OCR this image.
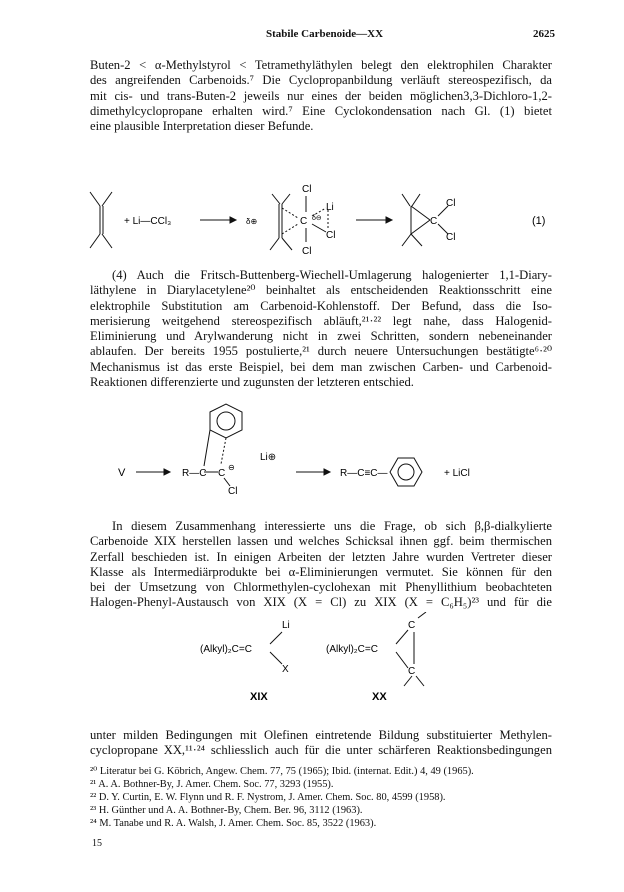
Stabile Carbenoide—XX	2625
Buten-2 < α-Methylstyrol < Tetramethyläthylen belegt den elektrophilen Charakter
des angreifenden Carbenoids.⁷ Die Cyclopropanbildung verläuft stereospezifisch, da
mit cis- und trans-Buten-2 jeweils nur eines der beiden möglichen3,3-Dichloro-1,2-
dimethylcyclopropane erhalten wird.⁷ Eine Cyclokondensation nach Gl. (1) bietet
eine plausible Interpretation dieser Befunde.
+ Li—CCl₃	δ⊕
Cl
C δ⊖
Li
Cl
Cl
C
Cl
Cl
(1)
(4) Auch die Fritsch-Buttenberg-Wiechell-Umlagerung halogenierter 1,1-Diary-
läthylene in Diarylacetylene²⁰ beinhaltet als entscheidenden Reaktionsschritt eine
elektrophile Substitution am Carbenoid-Kohlenstoff. Der Befund, dass die Iso-
merisierung weitgehend stereospezifisch abläuft,²¹·²² legt nahe, dass Halogenid-
Eliminierung und Arylwanderung nicht in zwei Schritten, sondern nebeneinander
ablaufen. Der bereits 1955 postulierte,²¹ durch neuere Untersuchungen bestätigte⁶·²⁰
Mechanismus ist das erste Beispiel, bei dem man zwischen Carben- und Carbenoid-
Reaktionen differenzierte und zugunsten der letzteren entschied.
V	R—C C
⊖
Li⊕
Cl
R—C≡C—	+ LiCl
In diesem Zusammenhang interessierte uns die Frage, ob sich β,β-dialkylierte
Carbenoide XIX herstellen lassen und welches Schicksal ihnen ggf. beim thermischen
Zerfall beschieden ist. In einigen Arbeiten der letzten Jahre wurden Vertreter dieser
Klasse als Intermediärprodukte bei α-Eliminierungen vermutet. Sie können für den
bei der Umsetzung von Chlormethylen-cyclohexan mit Phenyllithium beobachteten
Halogen-Phenyl-Austausch von XIX (X = Cl) zu XIX (X = C₆H₅)²³ und für die
(Alkyl)₂C=C
Li
X
XIX
(Alkyl)₂C=C
C
C
XX
unter milden Bedingungen mit Olefinen eintretende Bildung substituierter Methylen-
cyclopropane XX,¹¹·²⁴ schliesslich auch für die unter schärferen Reaktionsbedingungen
²⁰ Literatur bei G. Köbrich, Angew. Chem. 77, 75 (1965); Ibid. (internat. Edit.) 4, 49 (1965).
²¹ A. A. Bothner-By, J. Amer. Chem. Soc. 77, 3293 (1955).
²² D. Y. Curtin, E. W. Flynn und R. F. Nystrom, J. Amer. Chem. Soc. 80, 4599 (1958).
²³ H. Günther und A. A. Bothner-By, Chem. Ber. 96, 3112 (1963).
²⁴ M. Tanabe und R. A. Walsh, J. Amer. Chem. Soc. 85, 3522 (1963).
15
